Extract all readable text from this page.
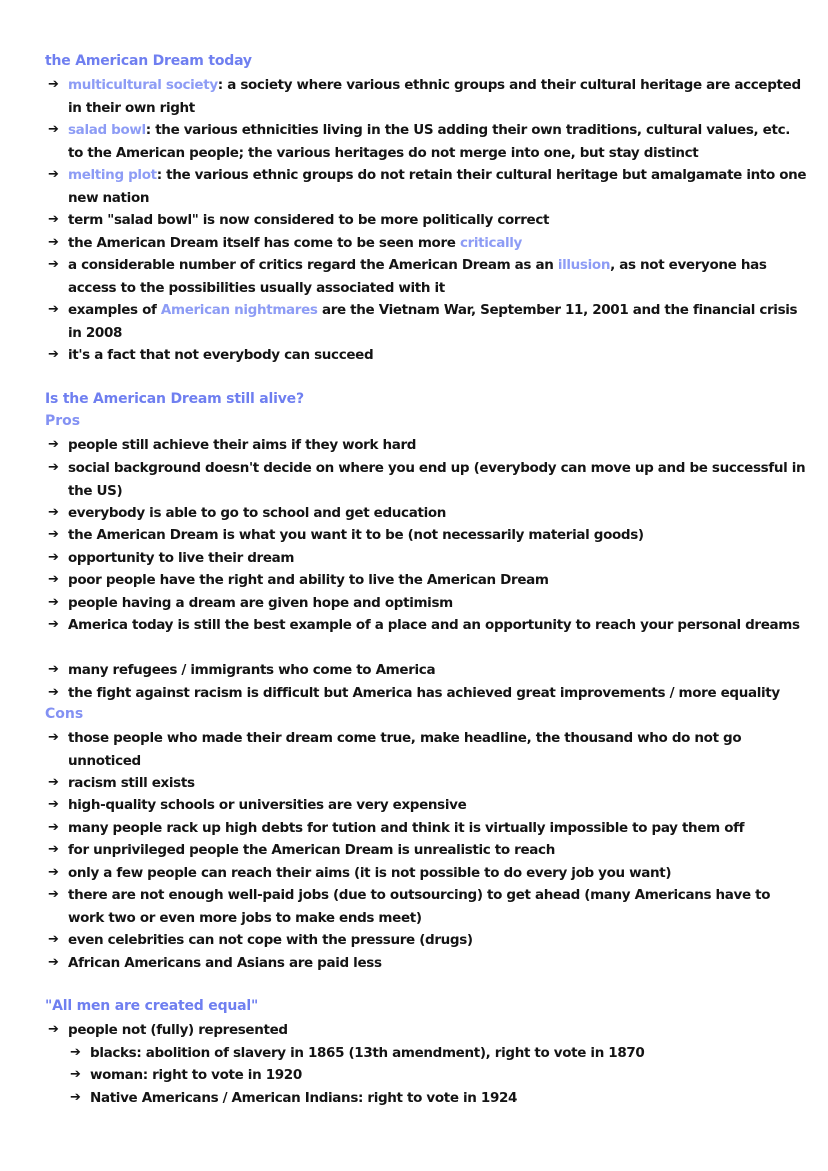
the American Dream today
➔ multicultural society: a society where various ethnic groups and their cultural heritage are accepted in their own right
➔ salad bowl: the various ethnicities living in the US adding their own traditions, cultural values, etc. to the American people; the various heritages do not merge into one, but stay distinct
➔ melting plot: the various ethnic groups do not retain their cultural heritage but amalgamate into one new nation
➔ term "salad bowl" is now considered to be more politically correct
➔ the American Dream itself has come to be seen more critically
➔ a considerable number of critics regard the American Dream as an illusion, as not everyone has access to the possibilities usually associated with it
➔ examples of American nightmares are the Vietnam War, September 11, 2001 and the financial crisis in 2008
➔ it's a fact that not everybody can succeed
Is the American Dream still alive?
Pros
➔ people still achieve their aims if they work hard
➔ social background doesn't decide on where you end up (everybody can move up and be successful in the US)
➔ everybody is able to go to school and get education
➔ the American Dream is what you want it to be (not necessarily material goods)
➔ opportunity to live their dream
➔ poor people have the right and ability to live the American Dream
➔ people having a dream are given hope and optimism
➔ America today is still the best example of a place and an opportunity to reach your personal dreams
➔ many refugees / immigrants who come to America
➔ the fight against racism is difficult but America has achieved great improvements / more equality
Cons
➔ those people who made their dream come true, make headline, the thousand who do not go unnoticed
➔ racism still exists
➔ high-quality schools or universities are very expensive
➔ many people rack up high debts for tution and think it is virtually impossible to pay them off
➔ for unprivileged people the American Dream is unrealistic to reach
➔ only a few people can reach their aims (it is not possible to do every job you want)
➔ there are not enough well-paid jobs (due to outsourcing) to get ahead (many Americans have to work two or even more jobs to make ends meet)
➔ even celebrities can not cope with the pressure (drugs)
➔ African Americans and Asians are paid less
"All men are created equal"
➔ people not (fully) represented
➔ blacks: abolition of slavery in 1865 (13th amendment), right to vote in 1870
➔ woman: right to vote in 1920
➔ Native Americans / American Indians: right to vote in 1924
